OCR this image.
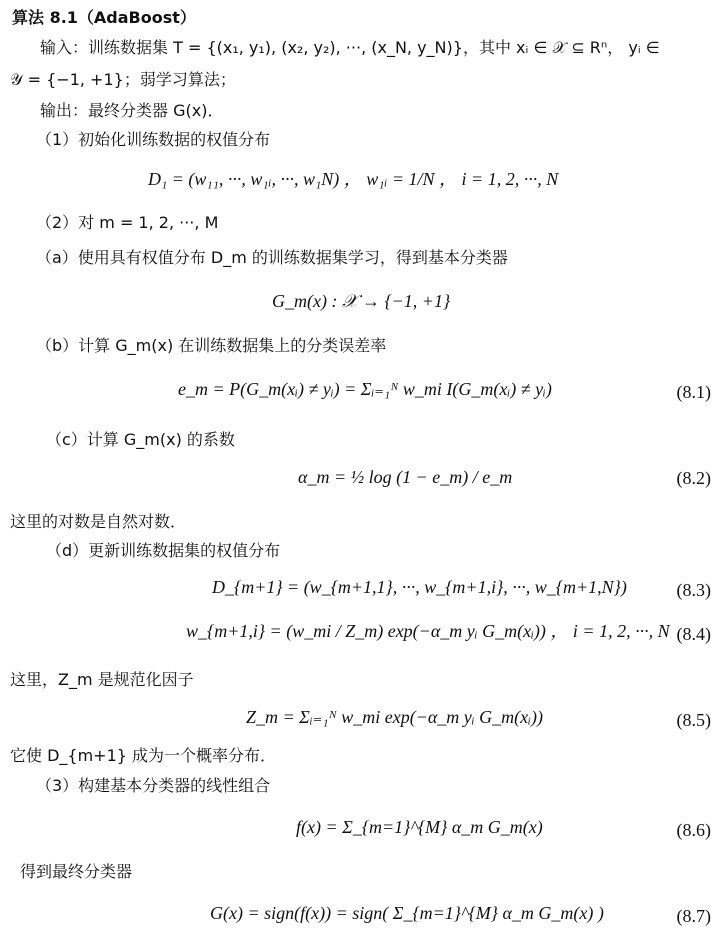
算法 8.1（AdaBoost）
输入：训练数据集 T = {(x₁, y₁), (x₂, y₂), ···, (x_N, y_N)}，其中 xᵢ ∈ 𝒳 ⊆ Rⁿ， yᵢ ∈
𝒴 = {−1, +1}；弱学习算法；
输出：最终分类器 G(x)．
（1）初始化训练数据的权值分布
D₁ = (w₁₁, ···, w₁ᵢ, ···, w₁N) ， w₁ᵢ = 1/N ， i = 1, 2, ···, N
（2）对 m = 1, 2, ···, M
（a）使用具有权值分布 D_m 的训练数据集学习，得到基本分类器
G_m(x) : 𝒳 → {−1, +1}
（b）计算 G_m(x) 在训练数据集上的分类误差率
e_m = P(G_m(xᵢ) ≠ yᵢ) = Σᵢ₌₁ᴺ w_mi I(G_m(xᵢ) ≠ yᵢ)	(8.1)
（c）计算 G_m(x) 的系数
α_m = ½ log (1 − e_m) / e_m	(8.2)
这里的对数是自然对数．
（d）更新训练数据集的权值分布
D_{m+1} = (w_{m+1,1}, ···, w_{m+1,i}, ···, w_{m+1,N})	(8.3)
w_{m+1,i} = (w_mi / Z_m) exp(−α_m yᵢ G_m(xᵢ)) ， i = 1, 2, ···, N (8.4)
这里，Z_m 是规范化因子
Z_m = Σᵢ₌₁ᴺ w_mi exp(−α_m yᵢ G_m(xᵢ))	(8.5)
它使 D_{m+1} 成为一个概率分布．
（3）构建基本分类器的线性组合
f(x) = Σ_{m=1}^{M} α_m G_m(x)	(8.6)
得到最终分类器
G(x) = sign(f(x)) = sign( Σ_{m=1}^{M} α_m G_m(x) )	(8.7)
